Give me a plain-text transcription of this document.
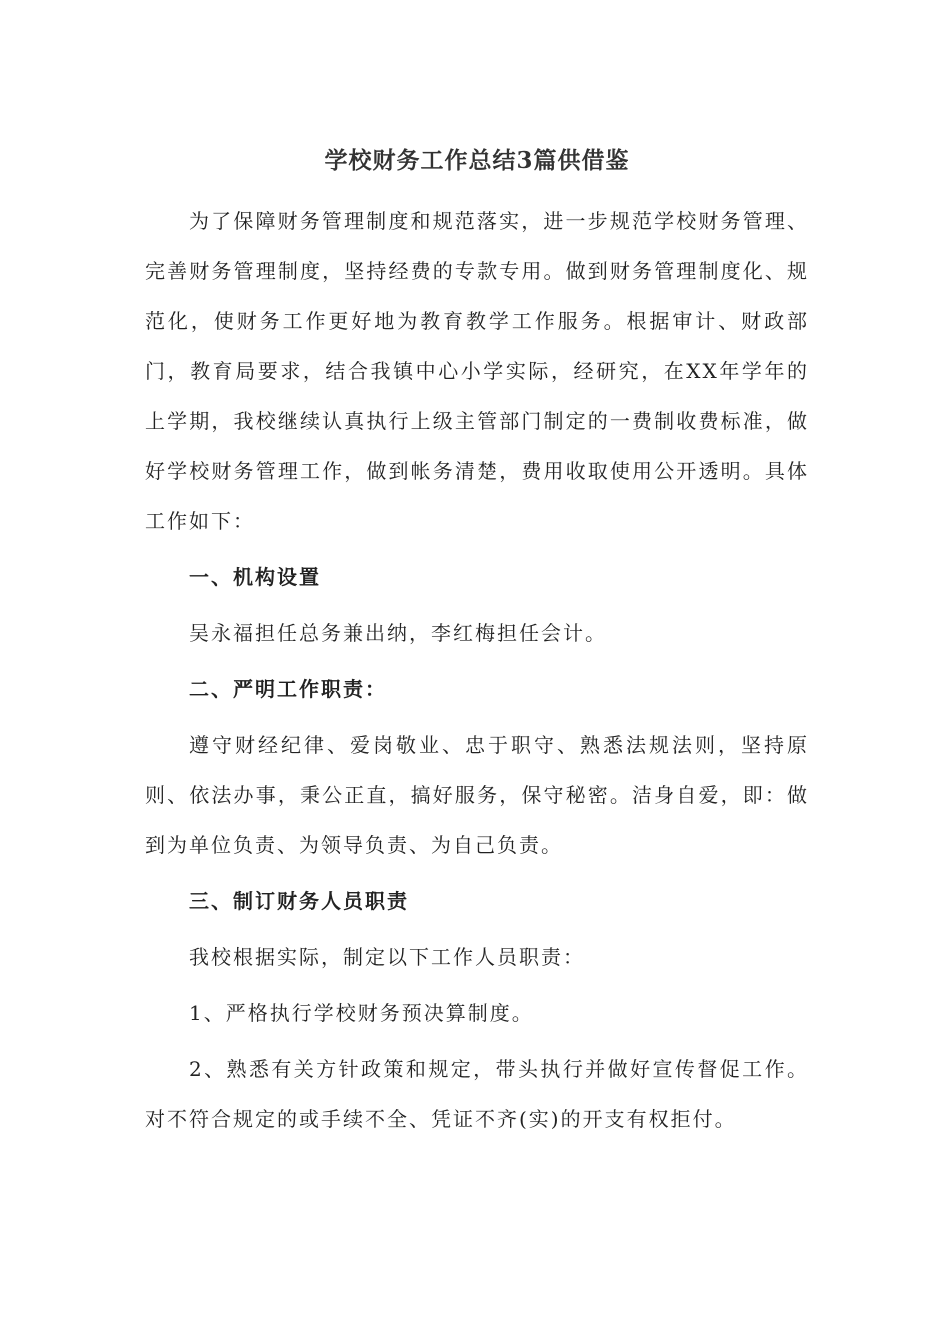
学校财务工作总结3篇供借鉴

为了保障财务管理制度和规范落实，进一步规范学校财务管理、完善财务管理制度，坚持经费的专款专用。做到财务管理制度化、规范化，使财务工作更好地为教育教学工作服务。根据审计、财政部门，教育局要求，结合我镇中心小学实际，经研究，在XX年学年的上学期，我校继续认真执行上级主管部门制定的一费制收费标准，做好学校财务管理工作，做到帐务清楚，费用收取使用公开透明。具体工作如下：

一、机构设置

吴永福担任总务兼出纳，李红梅担任会计。

二、严明工作职责：

遵守财经纪律、爱岗敬业、忠于职守、熟悉法规法则，坚持原则、依法办事，秉公正直，搞好服务，保守秘密。洁身自爱，即：做到为单位负责、为领导负责、为自己负责。

三、制订财务人员职责

我校根据实际，制定以下工作人员职责：

1、严格执行学校财务预决算制度。

2、熟悉有关方针政策和规定，带头执行并做好宣传督促工作。对不符合规定的或手续不全、凭证不齐(实)的开支有权拒付。
